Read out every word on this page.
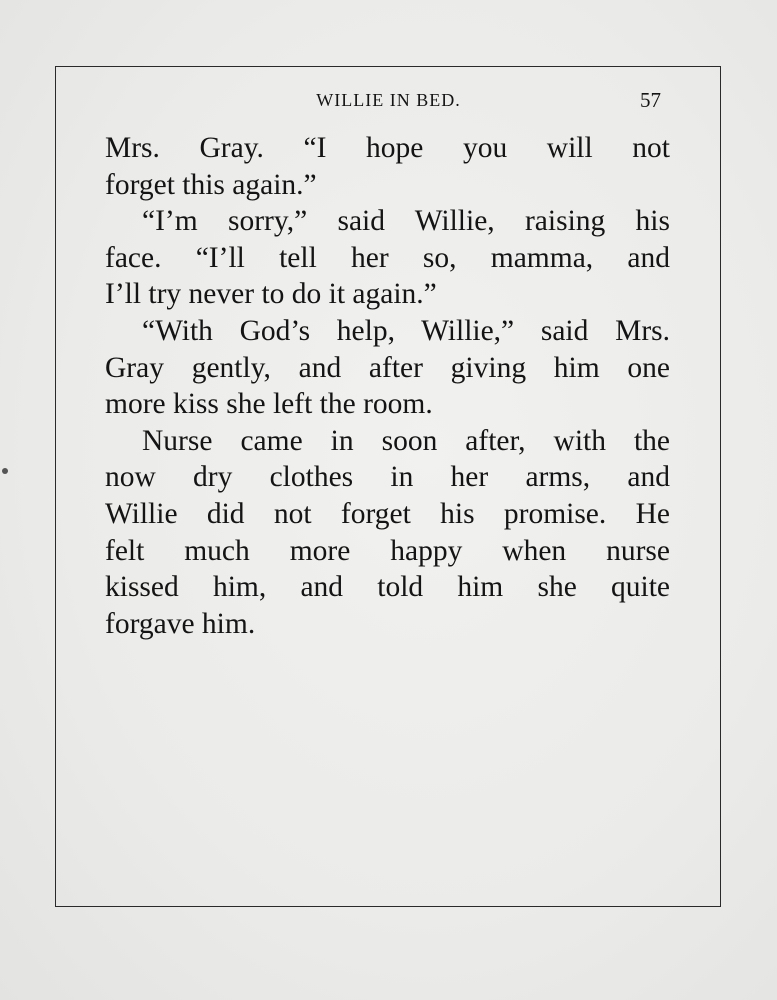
WILLIE IN BED.	57
Mrs. Gray. “I hope you will not
forget this again.”
“I’m sorry,” said Willie, raising his
face. “I’ll tell her so, mamma, and
I’ll try never to do it again.”
“With God’s help, Willie,” said Mrs.
Gray gently, and after giving him one
more kiss she left the room.
Nurse came in soon after, with the
now dry clothes in her arms, and
Willie did not forget his promise. He
felt much more happy when nurse
kissed him, and told him she quite
forgave him.
